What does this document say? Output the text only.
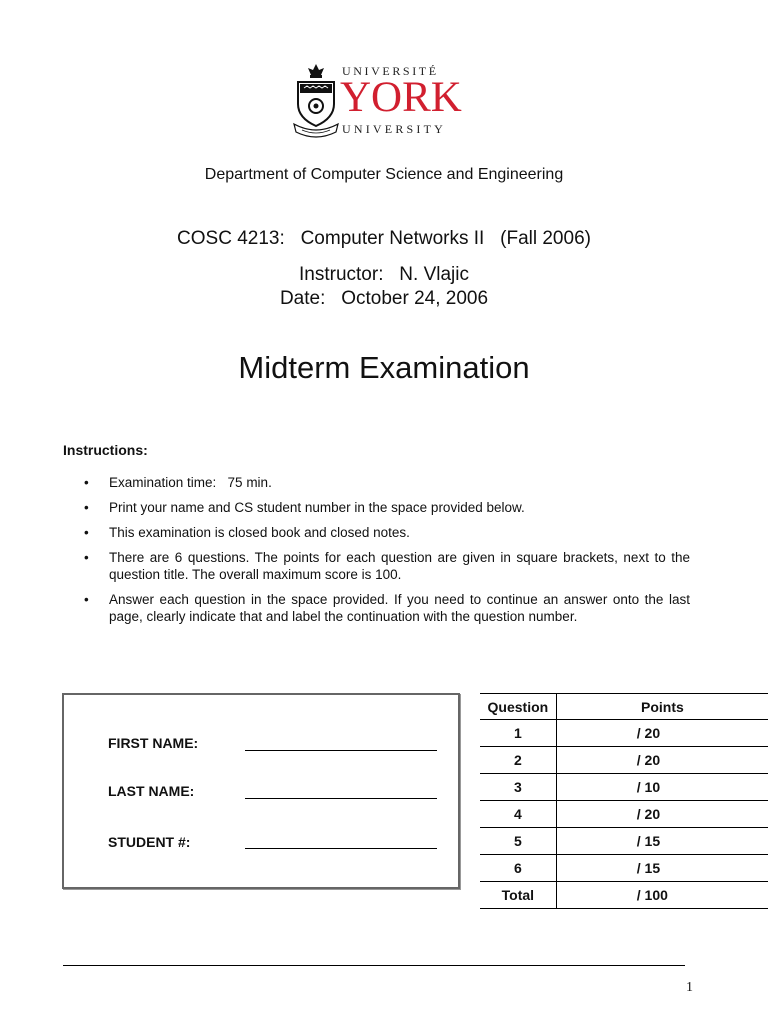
UNIVERSITÉ
YORK
UNIVERSITY
Department of Computer Science and Engineering
COSC 4213:   Computer Networks II   (Fall 2006)
Instructor:   N. Vlajic
Date:   October 24, 2006
Midterm Examination
Instructions:
• Examination time:   75 min.
• Print your name and CS student number in the space provided below.
• This examination is closed book and closed notes.
• There are 6 questions. The points for each question are given in square brackets, next to the question title. The overall maximum score is 100.
• Answer each question in the space provided. If you need to continue an answer onto the last page, clearly indicate that and label the continuation with the question number.
FIRST NAME:
LAST NAME:
STUDENT #:
Question	Points
1	/ 20
2	/ 20
3	/ 10
4	/ 20
5	/ 15
6	/ 15
Total	/ 100
1
